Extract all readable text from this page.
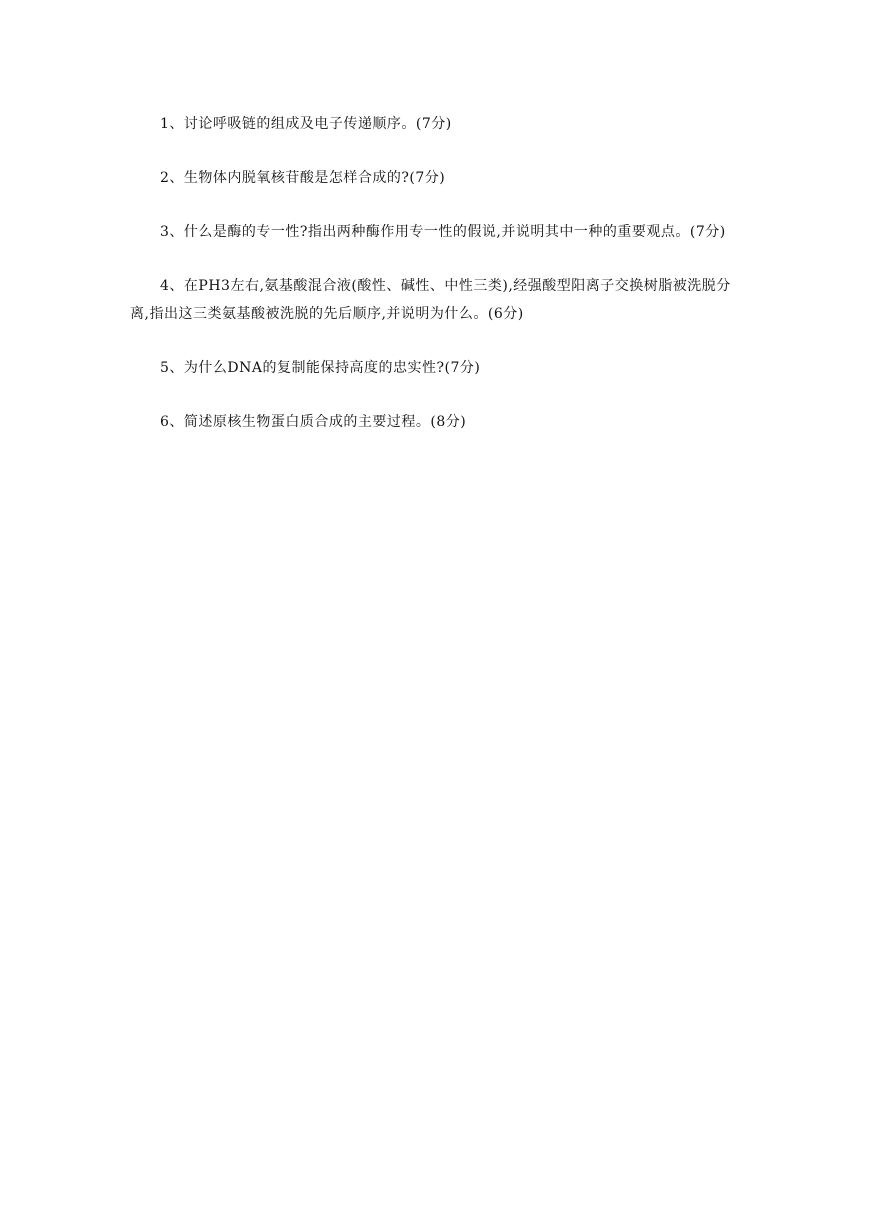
1、讨论呼吸链的组成及电子传递顺序。(7分)

2、生物体内脱氧核苷酸是怎样合成的?(7分)

3、什么是酶的专一性?指出两种酶作用专一性的假说,并说明其中一种的重要观点。(7分)

4、在PH3左右,氨基酸混合液(酸性、碱性、中性三类),经强酸型阳离子交换树脂被洗脱分离,指出这三类氨基酸被洗脱的先后顺序,并说明为什么。(6分)

5、为什么DNA的复制能保持高度的忠实性?(7分)

6、简述原核生物蛋白质合成的主要过程。(8分)
